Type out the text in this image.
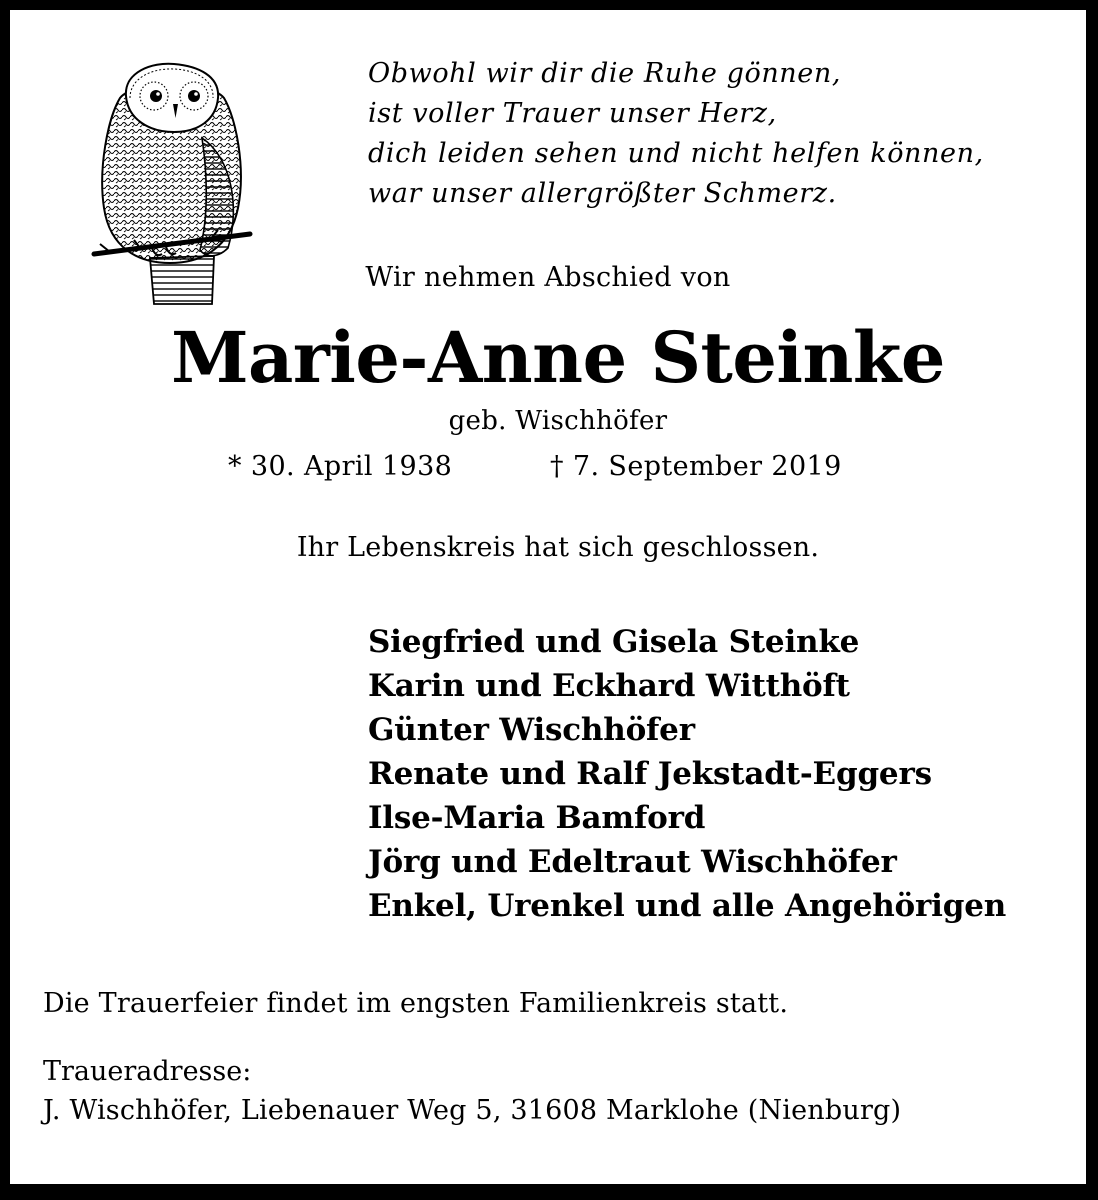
Obwohl wir dir die Ruhe gönnen,
ist voller Trauer unser Herz,
dich leiden sehen und nicht helfen können,
war unser allergrößter Schmerz.
Wir nehmen Abschied von
Marie-Anne Steinke
geb. Wischhöfer
* 30. April 1938	† 7. September 2019
Ihr Lebenskreis hat sich geschlossen.
Siegfried und Gisela Steinke
Karin und Eckhard Witthöft
Günter Wischhöfer
Renate und Ralf Jekstadt-Eggers
Ilse-Maria Bamford
Jörg und Edeltraut Wischhöfer
Enkel, Urenkel und alle Angehörigen
Die Trauerfeier findet im engsten Familienkreis statt.
Traueradresse:
J. Wischhöfer, Liebenauer Weg 5, 31608 Marklohe (Nienburg)
